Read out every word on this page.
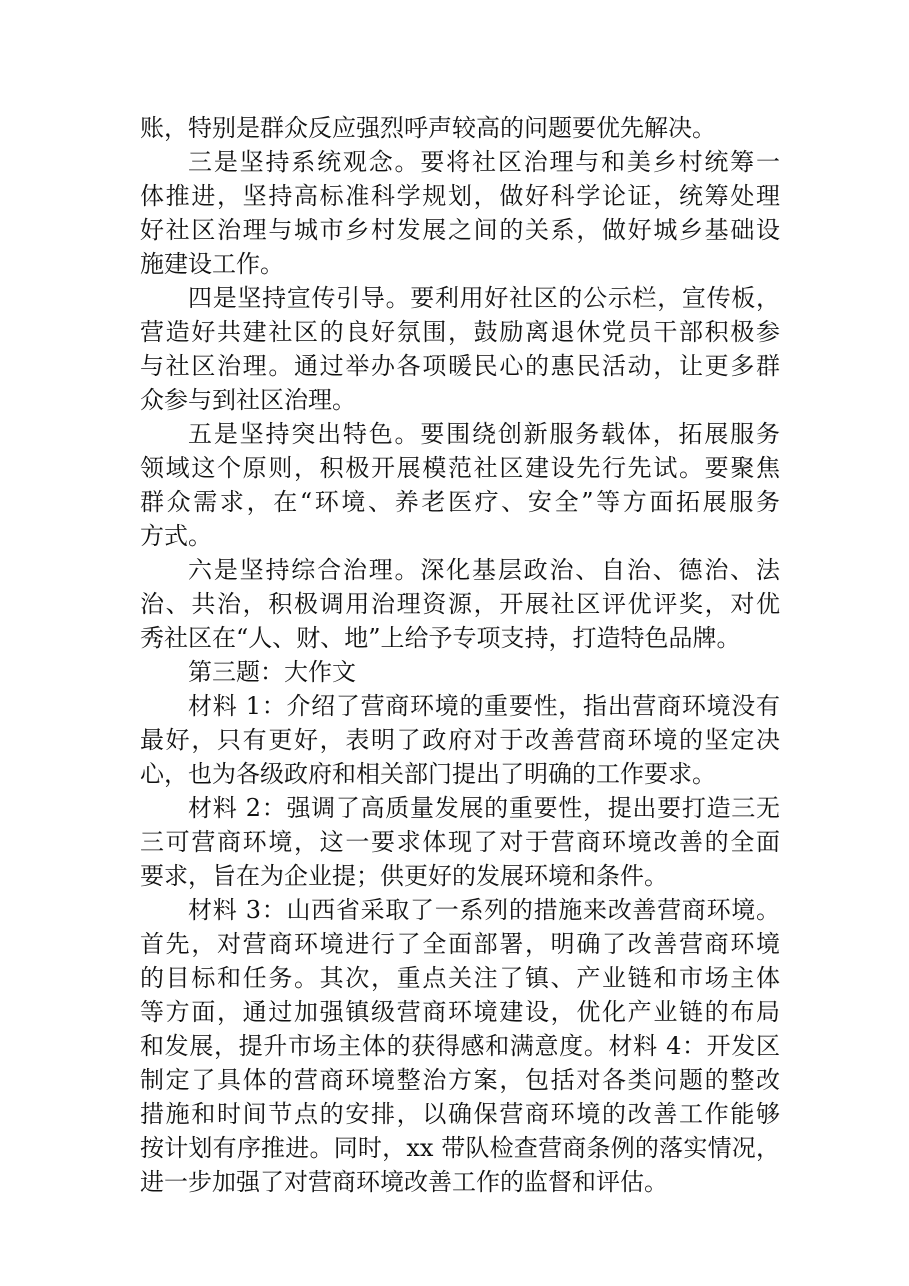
账，特别是群众反应强烈呼声较高的问题要优先解决。
三是坚持系统观念。要将社区治理与和美乡村统筹一
体推进，坚持高标准科学规划，做好科学论证，统筹处理
好社区治理与城市乡村发展之间的关系，做好城乡基础设
施建设工作。
四是坚持宣传引导。要利用好社区的公示栏，宣传板，
营造好共建社区的良好氛围，鼓励离退休党员干部积极参
与社区治理。通过举办各项暖民心的惠民活动，让更多群
众参与到社区治理。
五是坚持突出特色。要围绕创新服务载体，拓展服务
领域这个原则，积极开展模范社区建设先行先试。要聚焦
群众需求，在“环境、养老医疗、安全”等方面拓展服务
方式。
六是坚持综合治理。深化基层政治、自治、德治、法
治、共治，积极调用治理资源，开展社区评优评奖，对优
秀社区在“人、财、地”上给予专项支持，打造特色品牌。
第三题：大作文
材料 1：介绍了营商环境的重要性，指出营商环境没有
最好，只有更好，表明了政府对于改善营商环境的坚定决
心，也为各级政府和相关部门提出了明确的工作要求。
材料 2：强调了高质量发展的重要性，提出要打造三无
三可营商环境，这一要求体现了对于营商环境改善的全面
要求，旨在为企业提；供更好的发展环境和条件。
材料 3：山西省采取了一系列的措施来改善营商环境。
首先，对营商环境进行了全面部署，明确了改善营商环境
的目标和任务。其次，重点关注了镇、产业链和市场主体
等方面，通过加强镇级营商环境建设，优化产业链的布局
和发展，提升市场主体的获得感和满意度。材料 4：开发区
制定了具体的营商环境整治方案，包括对各类问题的整改
措施和时间节点的安排，以确保营商环境的改善工作能够
按计划有序推进。同时，xx 带队检查营商条例的落实情况，
进一步加强了对营商环境改善工作的监督和评估。
